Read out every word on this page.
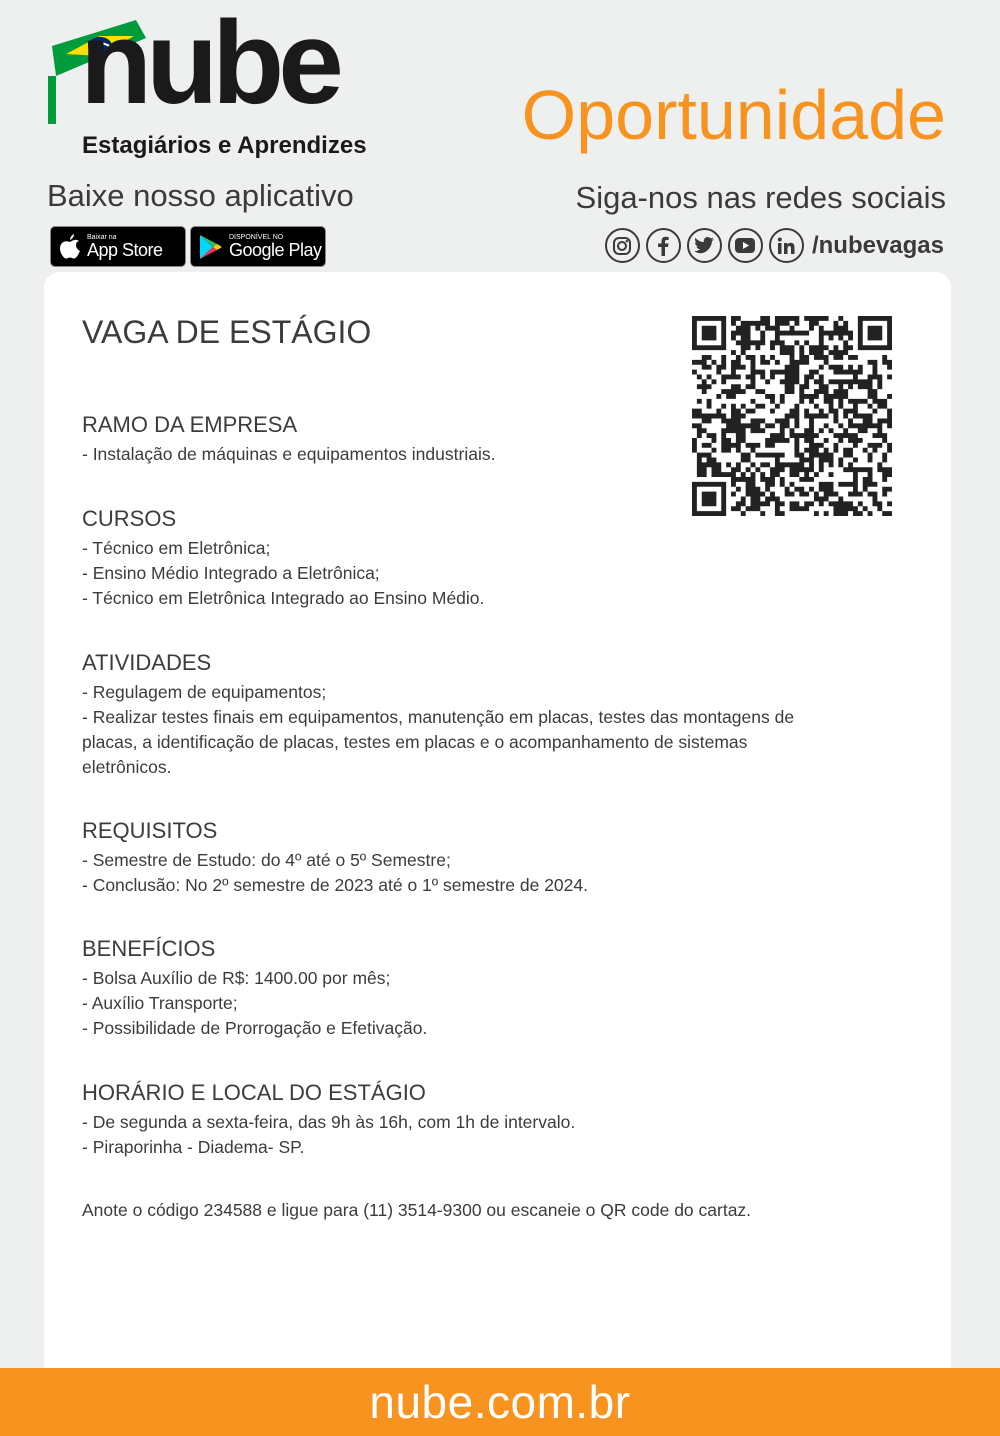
nube
Estagiários e Aprendizes Oportunidade
Baixe nosso aplicativo	Siga-nos nas redes sociais
Baixar na
App Store
DISPONÍVEL NO
Google Play	/nubevagas
VAGA DE ESTÁGIO
RAMO DA EMPRESA
- Instalação de máquinas e equipamentos industriais.
CURSOS
- Técnico em Eletrônica;
- Ensino Médio Integrado a Eletrônica;
- Técnico em Eletrônica Integrado ao Ensino Médio.
ATIVIDADES
- Regulagem de equipamentos;
- Realizar testes finais em equipamentos, manutenção em placas, testes das montagens de
placas, a identificação de placas, testes em placas e o acompanhamento de sistemas
eletrônicos.
REQUISITOS
- Semestre de Estudo: do 4º até o 5º Semestre;
- Conclusão: No 2º semestre de 2023 até o 1º semestre de 2024.
BENEFÍCIOS
- Bolsa Auxílio de R$: 1400.00 por mês;
- Auxílio Transporte;
- Possibilidade de Prorrogação e Efetivação.
HORÁRIO E LOCAL DO ESTÁGIO
- De segunda a sexta-feira, das 9h às 16h, com 1h de intervalo.
- Piraporinha - Diadema- SP.
Anote o código 234588 e ligue para (11) 3514-9300 ou escaneie o QR code do cartaz.
nube.com.br
